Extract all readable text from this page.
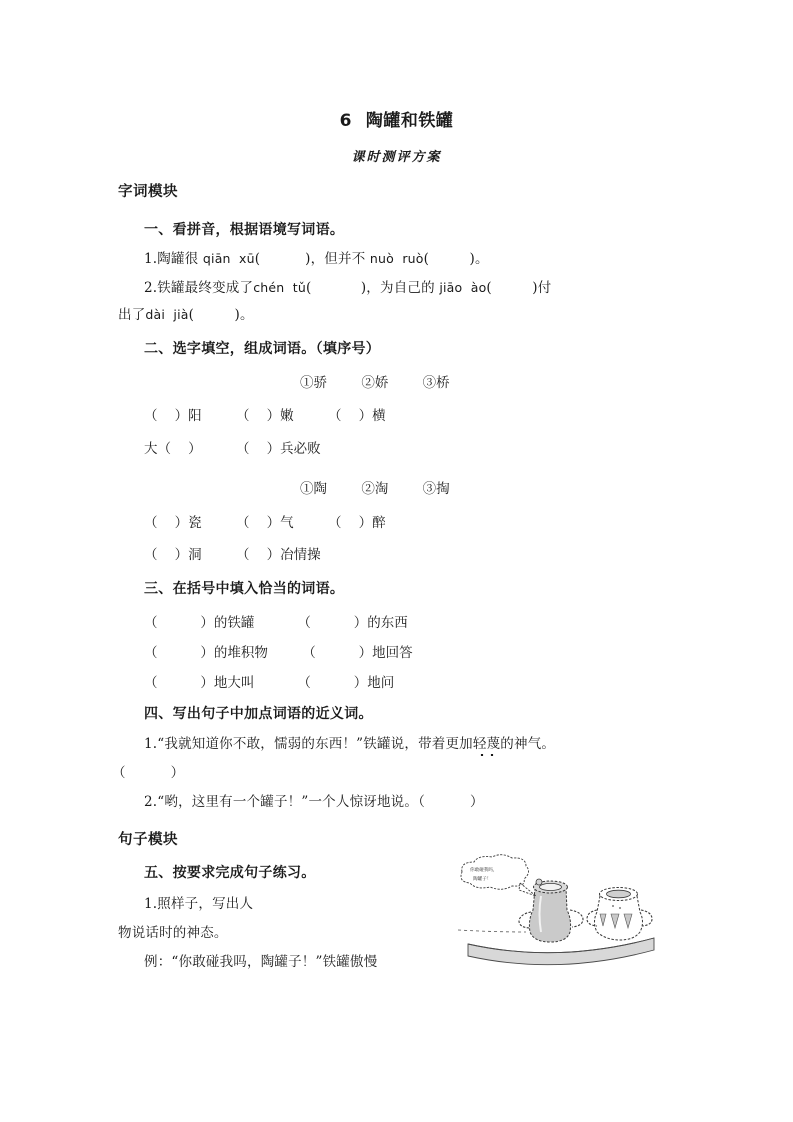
6 陶罐和铁罐
课时测评方案
字词模块
一、看拼音，根据语境写词语。
1.陶罐很 qiān  xū(          )，但并不 nuò  ruò(         )。
2.铁罐最终变成了chén  tǔ(           )，为自己的 jiāo  ào(         )付
出了dài  jià(         )。
二、选字填空，组成词语。（填序号）
①骄        ②娇        ③桥
（    ）阳        （    ）嫩        （    ）横
大（    ）        （    ）兵必败
①陶        ②淘        ③掏
（    ）瓷        （    ）气        （    ）醉
（    ）洞        （    ）冶情操
三、在括号中填入恰当的词语。
（          ）的铁罐          （          ）的东西
（          ）的堆积物        （          ）地回答
（          ）地大叫          （          ）地问
四、写出句子中加点词语的近义词。
1.“我就知道你不敢，懦弱的东西！”铁罐说，带着更加轻蔑的神气。
（          ）
2.“哟，这里有一个罐子！”一个人惊讶地说。（          ）
句子模块
五、按要求完成句子练习。
1.照样子，写出人
物说话时的神态。
例：“你敢碰我吗，陶罐子！”铁罐傲慢
你敢碰我吗，
陶罐子！
